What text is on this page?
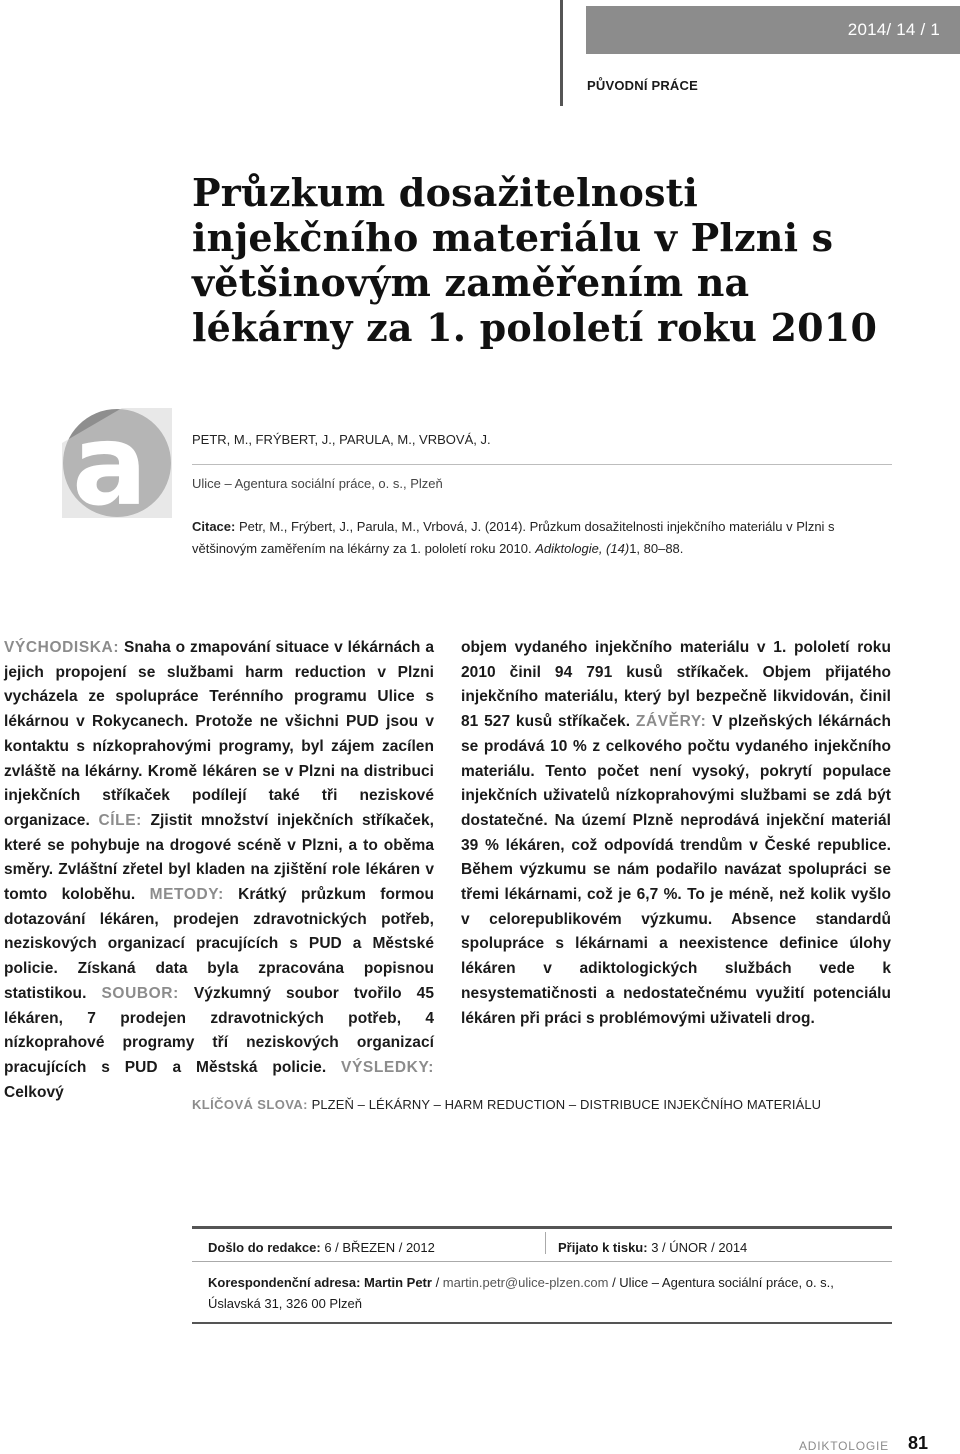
2014/ 14 / 1
PŮVODNÍ PRÁCE
Průzkum dosažitelnosti injekčního materiálu v Plzni s většinovým zaměřením na lékárny za 1. pololetí roku 2010
a	PETR, M., FRÝBERT, J., PARULA, M., VRBOVÁ, J.
Ulice – Agentura sociální práce, o. s., Plzeň
Citace: Petr, M., Frýbert, J., Parula, M., Vrbová, J. (2014). Průzkum dosažitelnosti injekčního materiálu v Plzni s většinovým zaměřením na lékárny za 1. pololetí roku 2010. Adiktologie, (14)1, 80–88.
VÝCHODISKA: Snaha o zmapování situace v lékárnách a jejich propojení se službami harm reduction v Plzni vycházela ze spolupráce Terénního programu Ulice s lékárnou v Rokycanech. Protože ne všichni PUD jsou v kontaktu s nízkoprahovými programy, byl zájem zacílen zvláště na lékárny. Kromě lékáren se v Plzni na distribuci injekčních stříkaček podílejí také tři neziskové organizace. CÍLE: Zjistit množství injekčních stříkaček, které se pohybuje na drogové scéně v Plzni, a to oběma směry. Zvláštní zřetel byl kladen na zjištění role lékáren v tomto koloběhu. METODY: Krátký průzkum formou dotazování lékáren, prodejen zdravotnických potřeb, neziskových organizací pracujících s PUD a Městské policie. Získaná data byla zpracována popisnou statistikou. SOUBOR: Výzkumný soubor tvořilo 45 lékáren, 7 prodejen zdravotnických potřeb, 4 nízkoprahové programy tří neziskových organizací pracujících s PUD a Městská policie. VÝSLEDKY: Celkový
objem vydaného injekčního materiálu v 1. pololetí roku 2010 činil 94 791 kusů stříkaček. Objem přijatého injekčního materiálu, který byl bezpečně likvidován, činil 81 527 kusů stříkaček. ZÁVĚRY: V plzeňských lékárnách se prodává 10 % z celkového počtu vydaného injekčního materiálu. Tento počet není vysoký, pokrytí populace injekčních uživatelů nízkoprahovými službami se zdá být dostatečné. Na území Plzně neprodává injekční materiál 39 % lékáren, což odpovídá trendům v České republice. Během výzkumu se nám podařilo navázat spolupráci se třemi lékárnami, což je 6,7 %. To je méně, než kolik vyšlo v celorepublikovém výzkumu. Absence standardů spolupráce s lékárnami a neexistence definice úlohy lékáren v adiktologických službách vede k nesystematičnosti a nedostatečnému využití potenciálu lékáren při práci s problémovými uživateli drog.
KLÍČOVÁ SLOVA: PLZEŇ – LÉKÁRNY – HARM REDUCTION – DISTRIBUCE INJEKČNÍHO MATERIÁLU
Došlo do redakce: 6 / BŘEZEN / 2012	Přijato k tisku: 3 / ÚNOR / 2014
Korespondenční adresa: Martin Petr / martin.petr@ulice-plzen.com / Ulice – Agentura sociální práce, o. s.,
Úslavská 31, 326 00 Plzeň
ADIKTOLOGIE 81
